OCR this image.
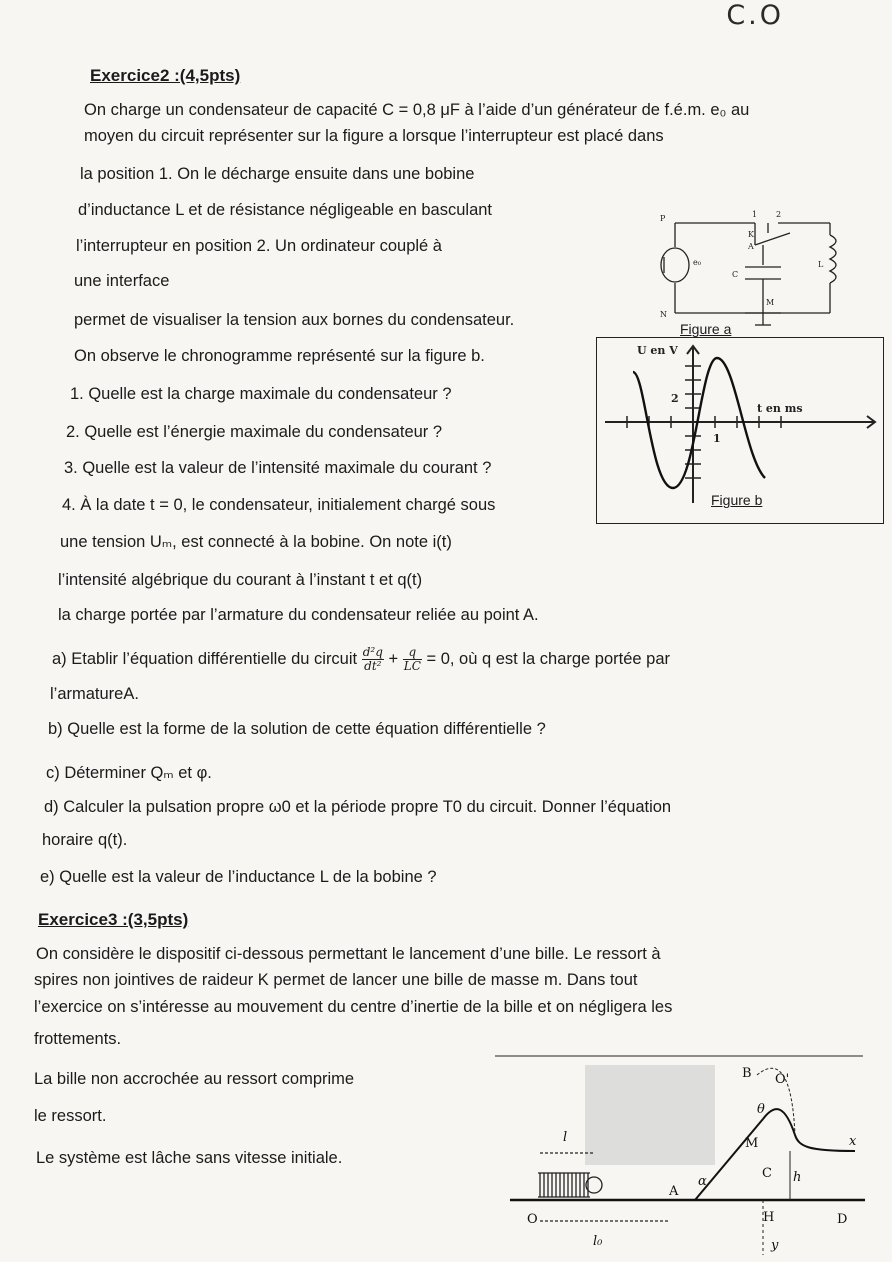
C.O
Exercice2 :(4,5pts)
On charge un condensateur de capacité C = 0,8 μF à l’aide d’un générateur de f.é.m. e₀ au
moyen du circuit représenter sur la figure a lorsque l’interrupteur est placé dans
la position 1. On le décharge ensuite dans une bobine
d’inductance L et de résistance négligeable en basculant
l’interrupteur en position 2. Un ordinateur couplé à
une interface
permet de visualiser la tension aux bornes du condensateur.
On observe le chronogramme représenté sur la figure b.
1. Quelle est la charge maximale du condensateur ?
2. Quelle est l’énergie maximale du condensateur ?
3. Quelle est la valeur de l’intensité maximale du courant ?
4. À la date t = 0, le condensateur, initialement chargé sous
une tension Uₘ, est connecté à la bobine. On note i(t)
l’intensité algébrique du courant à l’instant t et q(t)
la charge portée par l’armature du condensateur reliée au point A.
a) Etablir l’équation différentielle du circuit $\frac{\text{d²q}}{\text{dt²}} + \frac{q}{LC} = 0$, où q est la charge portée par
l’armatureA.
b) Quelle est la forme de la solution de cette équation différentielle ?
c) Déterminer Qₘ et φ.
d) Calculer la pulsation propre ω0 et la période propre T0 du circuit. Donner l’équation
horaire q(t).
e) Quelle est la valeur de l’inductance L de la bobine ?
P
N
e₀
C
L
K
A
M
1 2
Figure a
U en V
t en ms
2
1
Figure b
Exercice3 :(3,5pts)
On considère le dispositif ci-dessous permettant le lancement d’une bille. Le ressort à
spires non jointives de raideur K permet de lancer une bille de masse m. Dans tout
l’exercice on s’intéresse au mouvement du centre d’inertie de la bille et on négligera les
frottements.
La bille non accrochée au ressort comprime
le ressort.
Le système est lâche sans vitesse initiale.
l
l₀
O
A
α
B O'
θ
M
C h
H	D
x
y
